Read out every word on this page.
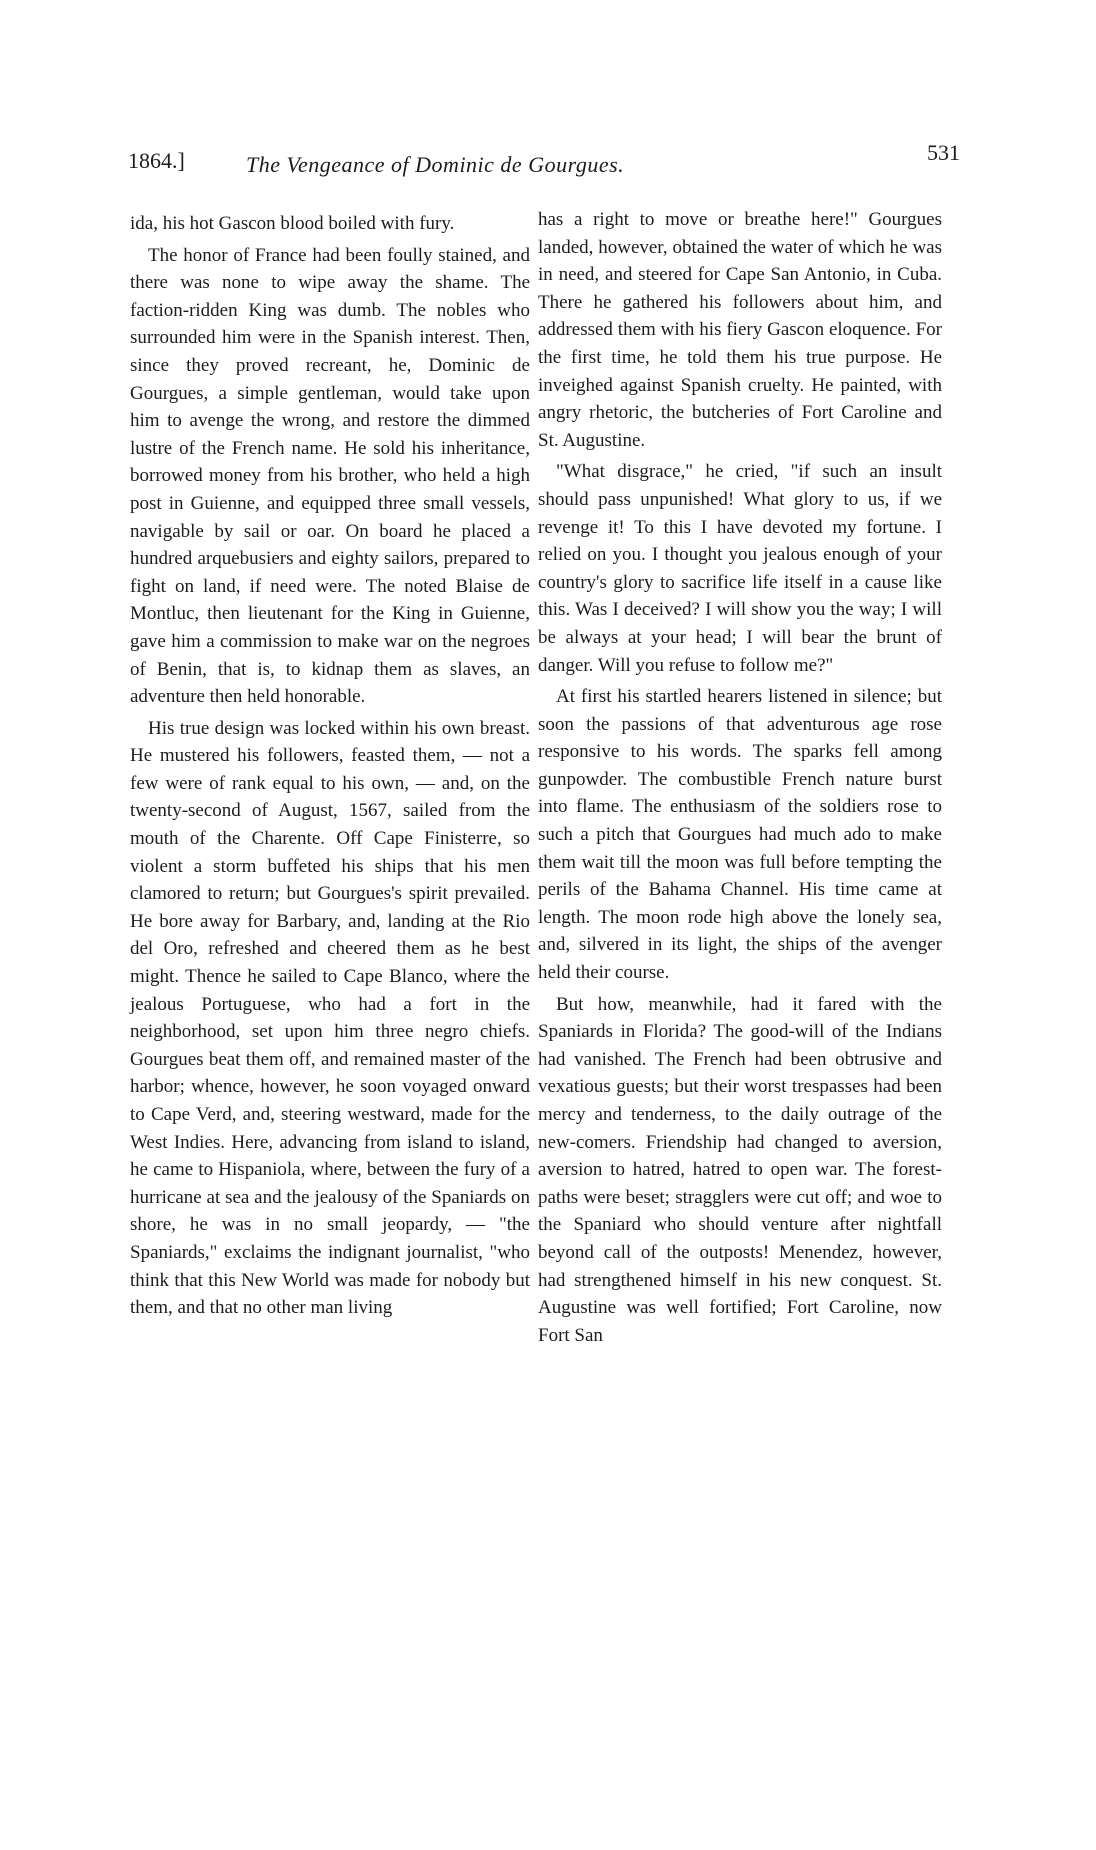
1864.]	The Vengeance of Dominic de Gourgues.	531

ida, his hot Gascon blood boiled with fury.

The honor of France had been foully stained, and there was none to wipe away the shame. The faction-ridden King was dumb. The nobles who surrounded him were in the Spanish interest. Then, since they proved recreant, he, Dominic de Gourgues, a simple gentleman, would take upon him to avenge the wrong, and restore the dimmed lustre of the French name. He sold his inheritance, borrowed money from his brother, who held a high post in Guienne, and equipped three small vessels, navigable by sail or oar. On board he placed a hundred arquebusiers and eighty sailors, prepared to fight on land, if need were. The noted Blaise de Montluc, then lieutenant for the King in Guienne, gave him a commission to make war on the negroes of Benin, that is, to kidnap them as slaves, an adventure then held honorable.

His true design was locked within his own breast. He mustered his followers, feasted them, — not a few were of rank equal to his own, — and, on the twenty-second of August, 1567, sailed from the mouth of the Charente. Off Cape Finisterre, so violent a storm buffeted his ships that his men clamored to return; but Gourgues's spirit prevailed. He bore away for Barbary, and, landing at the Rio del Oro, refreshed and cheered them as he best might. Thence he sailed to Cape Blanco, where the jealous Portuguese, who had a fort in the neighborhood, set upon him three negro chiefs. Gourgues beat them off, and remained master of the harbor; whence, however, he soon voyaged onward to Cape Verd, and, steering westward, made for the West Indies. Here, advancing from island to island, he came to Hispaniola, where, between the fury of a hurricane at sea and the jealousy of the Spaniards on shore, he was in no small jeopardy, — "the Spaniards," exclaims the indignant journalist, "who think that this New World was made for nobody but them, and that no other man living

has a right to move or breathe here!" Gourgues landed, however, obtained the water of which he was in need, and steered for Cape San Antonio, in Cuba. There he gathered his followers about him, and addressed them with his fiery Gascon eloquence. For the first time, he told them his true purpose. He inveighed against Spanish cruelty. He painted, with angry rhetoric, the butcheries of Fort Caroline and St. Augustine.

"What disgrace," he cried, "if such an insult should pass unpunished! What glory to us, if we revenge it! To this I have devoted my fortune. I relied on you. I thought you jealous enough of your country's glory to sacrifice life itself in a cause like this. Was I deceived? I will show you the way; I will be always at your head; I will bear the brunt of danger. Will you refuse to follow me?"

At first his startled hearers listened in silence; but soon the passions of that adventurous age rose responsive to his words. The sparks fell among gunpowder. The combustible French nature burst into flame. The enthusiasm of the soldiers rose to such a pitch that Gourgues had much ado to make them wait till the moon was full before tempting the perils of the Bahama Channel. His time came at length. The moon rode high above the lonely sea, and, silvered in its light, the ships of the avenger held their course.

But how, meanwhile, had it fared with the Spaniards in Florida? The good-will of the Indians had vanished. The French had been obtrusive and vexatious guests; but their worst trespasses had been mercy and tenderness, to the daily outrage of the new-comers. Friendship had changed to aversion, aversion to hatred, hatred to open war. The forest-paths were beset; stragglers were cut off; and woe to the Spaniard who should venture after nightfall beyond call of the outposts! Menendez, however, had strengthened himself in his new conquest. St. Augustine was well fortified; Fort Caroline, now Fort San
